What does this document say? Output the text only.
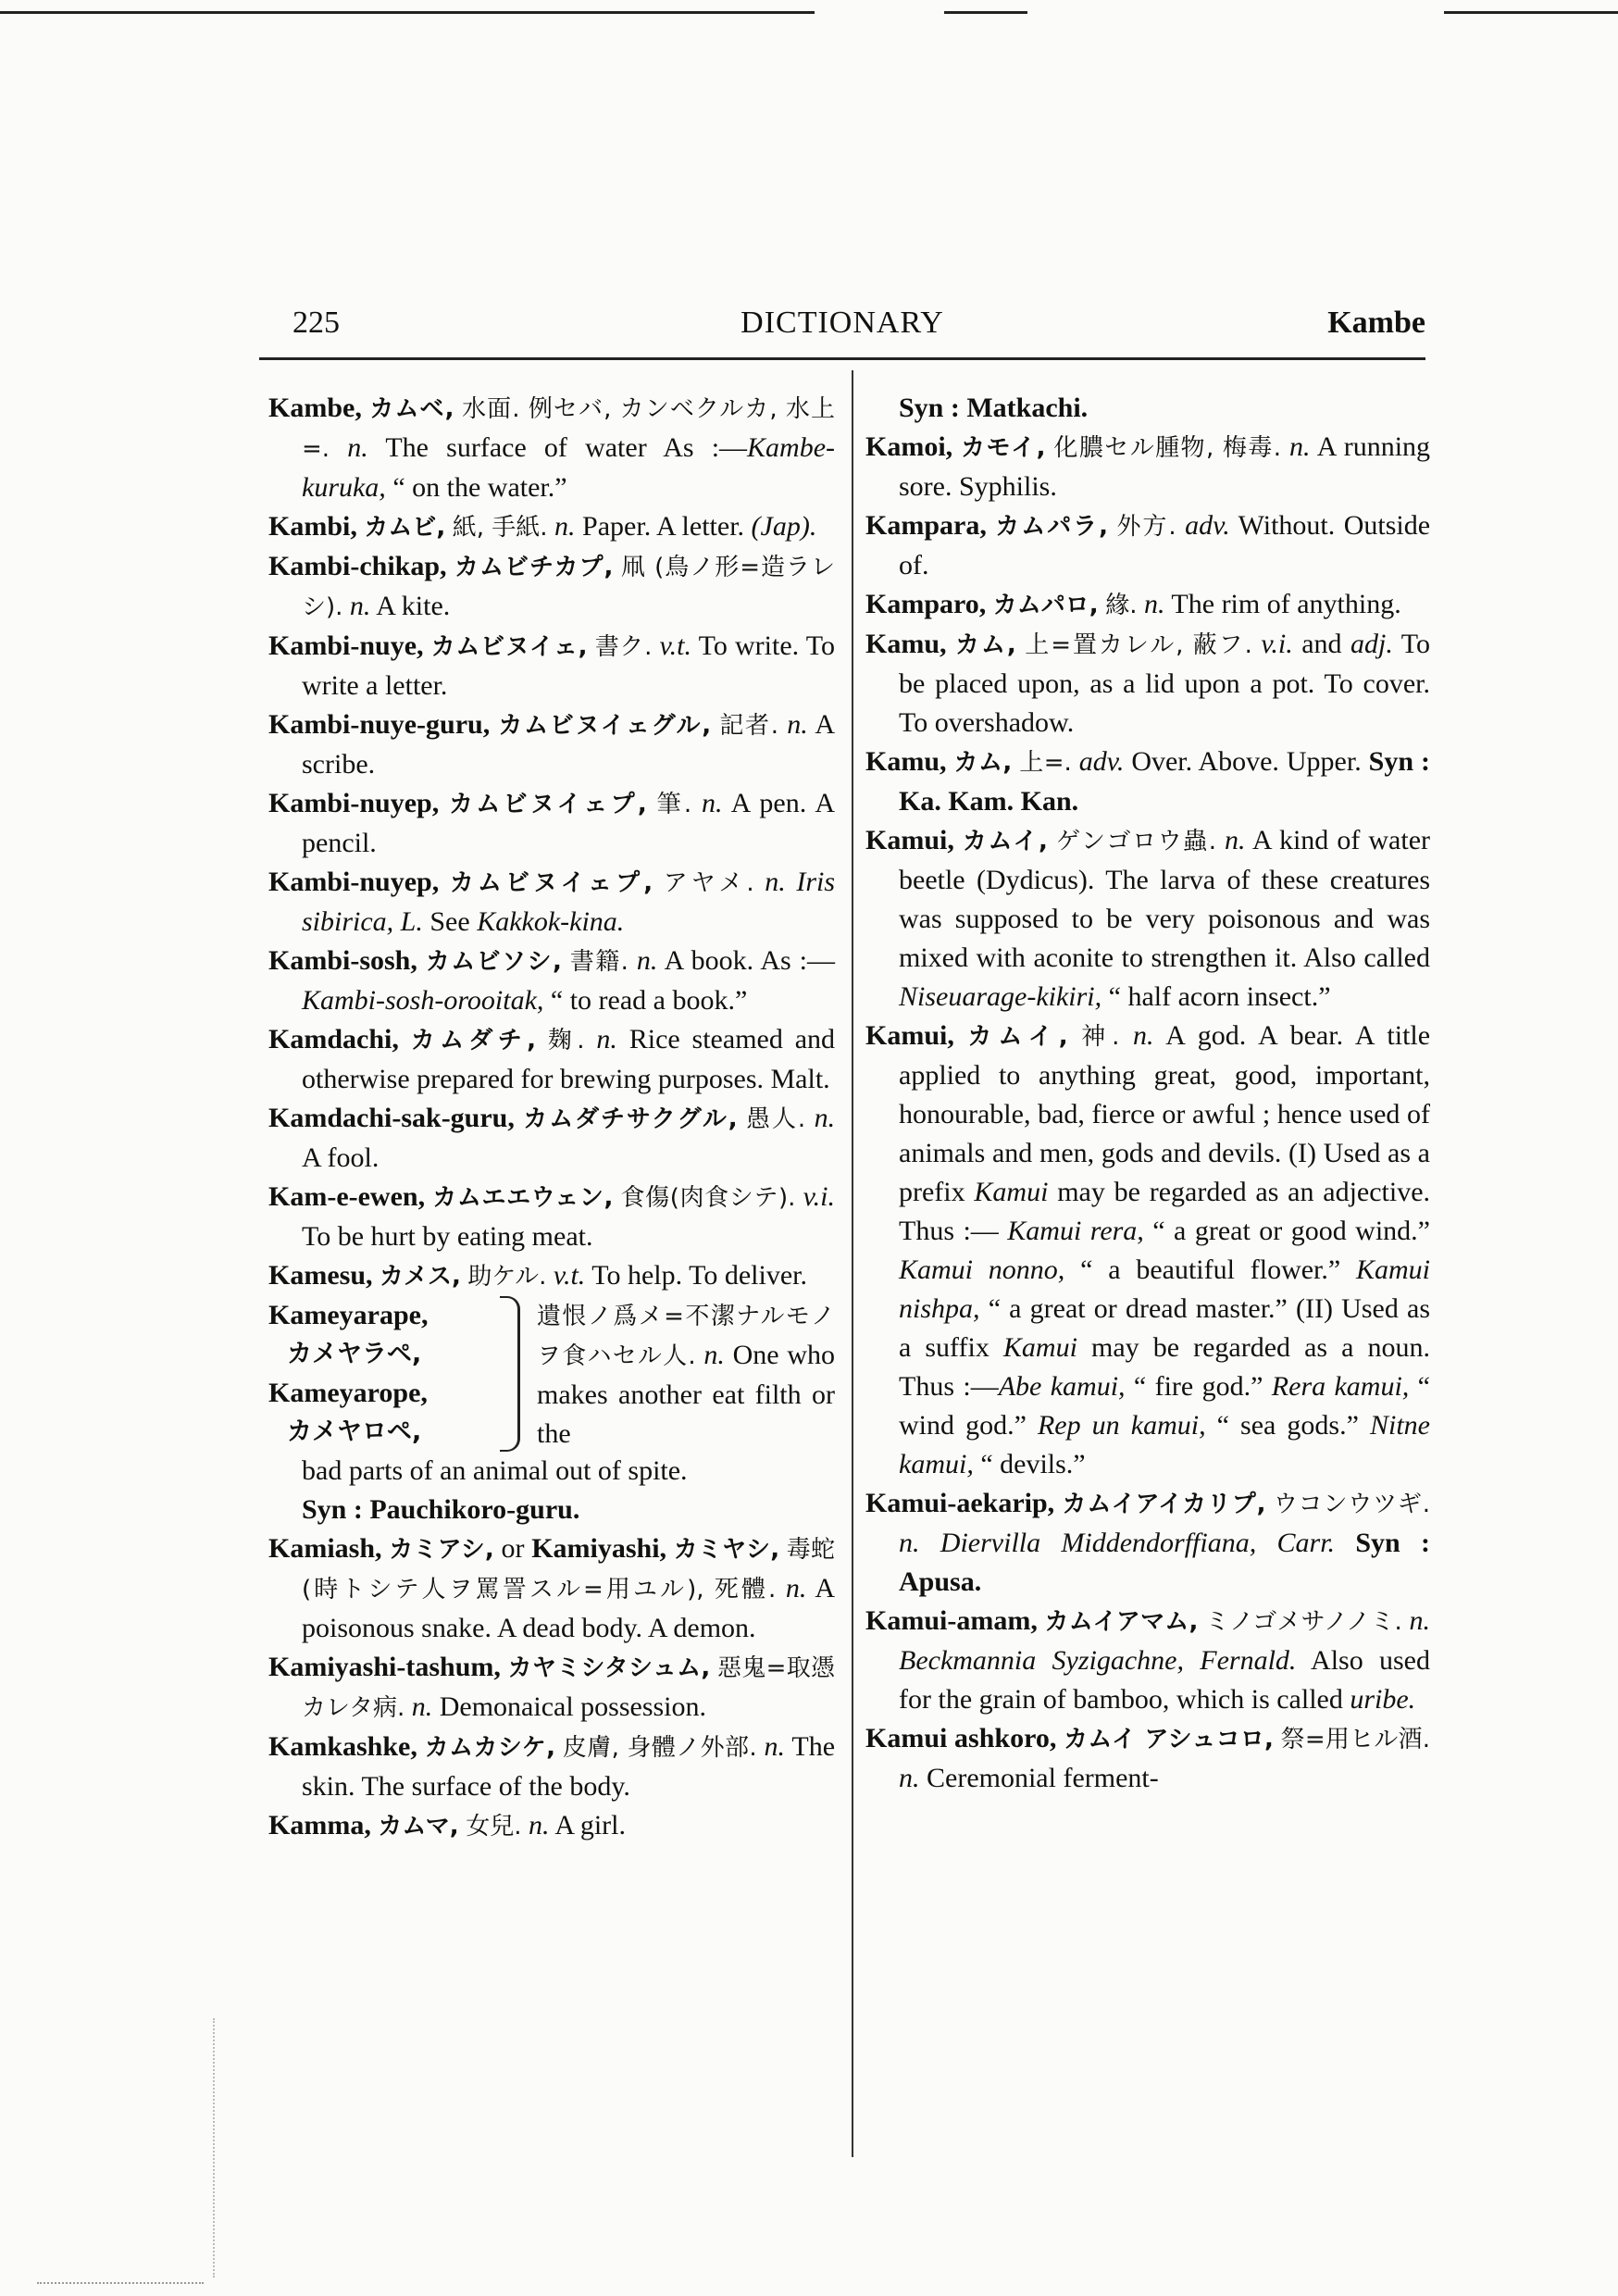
225	DICTIONARY	Kambe

Kambe, カムベ, 水面. 例セバ, カンベクルカ, 水上=. n. The surface of water As :—Kambe-kuruka, “ on the water.”

Kambi, カムビ, 紙, 手紙. n. Paper. A letter. (Jap).

Kambi-chikap, カムビチカプ, 凧 (鳥ノ形=造ラレシ). n. A kite.

Kambi-nuye, カムビヌイェ, 書ク. v.t. To write. To write a letter.

Kambi-nuye-guru, カムビヌイェグル, 記者. n. A scribe.

Kambi-nuyep, カムビヌイェプ, 筆. n. A pen. A pencil.

Kambi-nuyep, カムビヌイェプ, アヤメ. n. Iris sibirica, L. See Kakkok-kina.

Kambi-sosh, カムビソシ, 書籍. n. A book. As :—Kambi-sosh-orooitak, “ to read a book.”

Kamdachi, カムダチ, 麹. n. Rice steamed and otherwise prepared for brewing purposes. Malt.

Kamdachi-sak-guru, カムダチサクグル, 愚人. n. A fool.

Kam-e-ewen, カムエエウェン, 食傷(肉食シテ). v.i. To be hurt by eating meat.

Kamesu, カメス, 助ケル. v.t. To help. To deliver.

Kameyarape,
カメヤラペ,
Kameyarope,
カメヤロペ,
遺恨ノ爲メ=不潔ナルモノヲ食ハセル人. n. One who makes another eat filth or the

bad parts of an animal out of spite.

Syn : Pauchikoro-guru.

Kamiash, カミアシ, or Kamiyashi, カミヤシ, 毒蛇(時トシテ人ヲ罵詈スル=用ユル), 死體. n. A poisonous snake. A dead body. A demon.

Kamiyashi-tashum, カヤミシタシュム, 惡鬼=取憑カレタ病. n. Demonaical possession.

Kamkashke, カムカシケ, 皮膚, 身體ノ外部. n. The skin. The surface of the body.

Kamma, カムマ, 女兒. n. A girl.

Syn : Matkachi.

Kamoi, カモイ, 化膿セル腫物, 梅毒. n. A running sore. Syphilis.

Kampara, カムパラ, 外方. adv. Without. Outside of.

Kamparo, カムパロ, 緣. n. The rim of anything.

Kamu, カム, 上=置カレル, 蔽フ. v.i. and adj. To be placed upon, as a lid upon a pot. To cover. To overshadow.

Kamu, カム, 上=. adv. Over. Above. Upper. Syn : Ka. Kam. Kan.

Kamui, カムイ, ゲンゴロウ蟲. n. A kind of water beetle (Dydicus). The larva of these creatures was supposed to be very poisonous and was mixed with aconite to strengthen it. Also called Niseuarage-kikiri, “ half acorn insect.”

Kamui, カムイ, 神. n. A god. A bear. A title applied to anything great, good, important, honourable, bad, fierce or awful ; hence used of animals and men, gods and devils. (I) Used as a prefix Kamui may be regarded as an adjective. Thus :— Kamui rera, “ a great or good wind.” Kamui nonno, “ a beautiful flower.” Kamui nishpa, “ a great or dread master.” (II) Used as a suffix Kamui may be regarded as a noun. Thus :—Abe kamui, “ fire god.” Rera kamui, “ wind god.” Rep un kamui, “ sea gods.” Nitne kamui, “ devils.”

Kamui-aekarip, カムイアイカリプ, ウコンウツギ. n. Diervilla Middendorffiana, Carr. Syn : Apusa.

Kamui-amam, カムイアマム, ミノゴメサノノミ. n. Beckmannia Syzigachne, Fernald. Also used for the grain of bamboo, which is called uribe.

Kamui ashkoro, カムイ アシュコロ, 祭=用ヒル酒. n. Ceremonial ferment-
